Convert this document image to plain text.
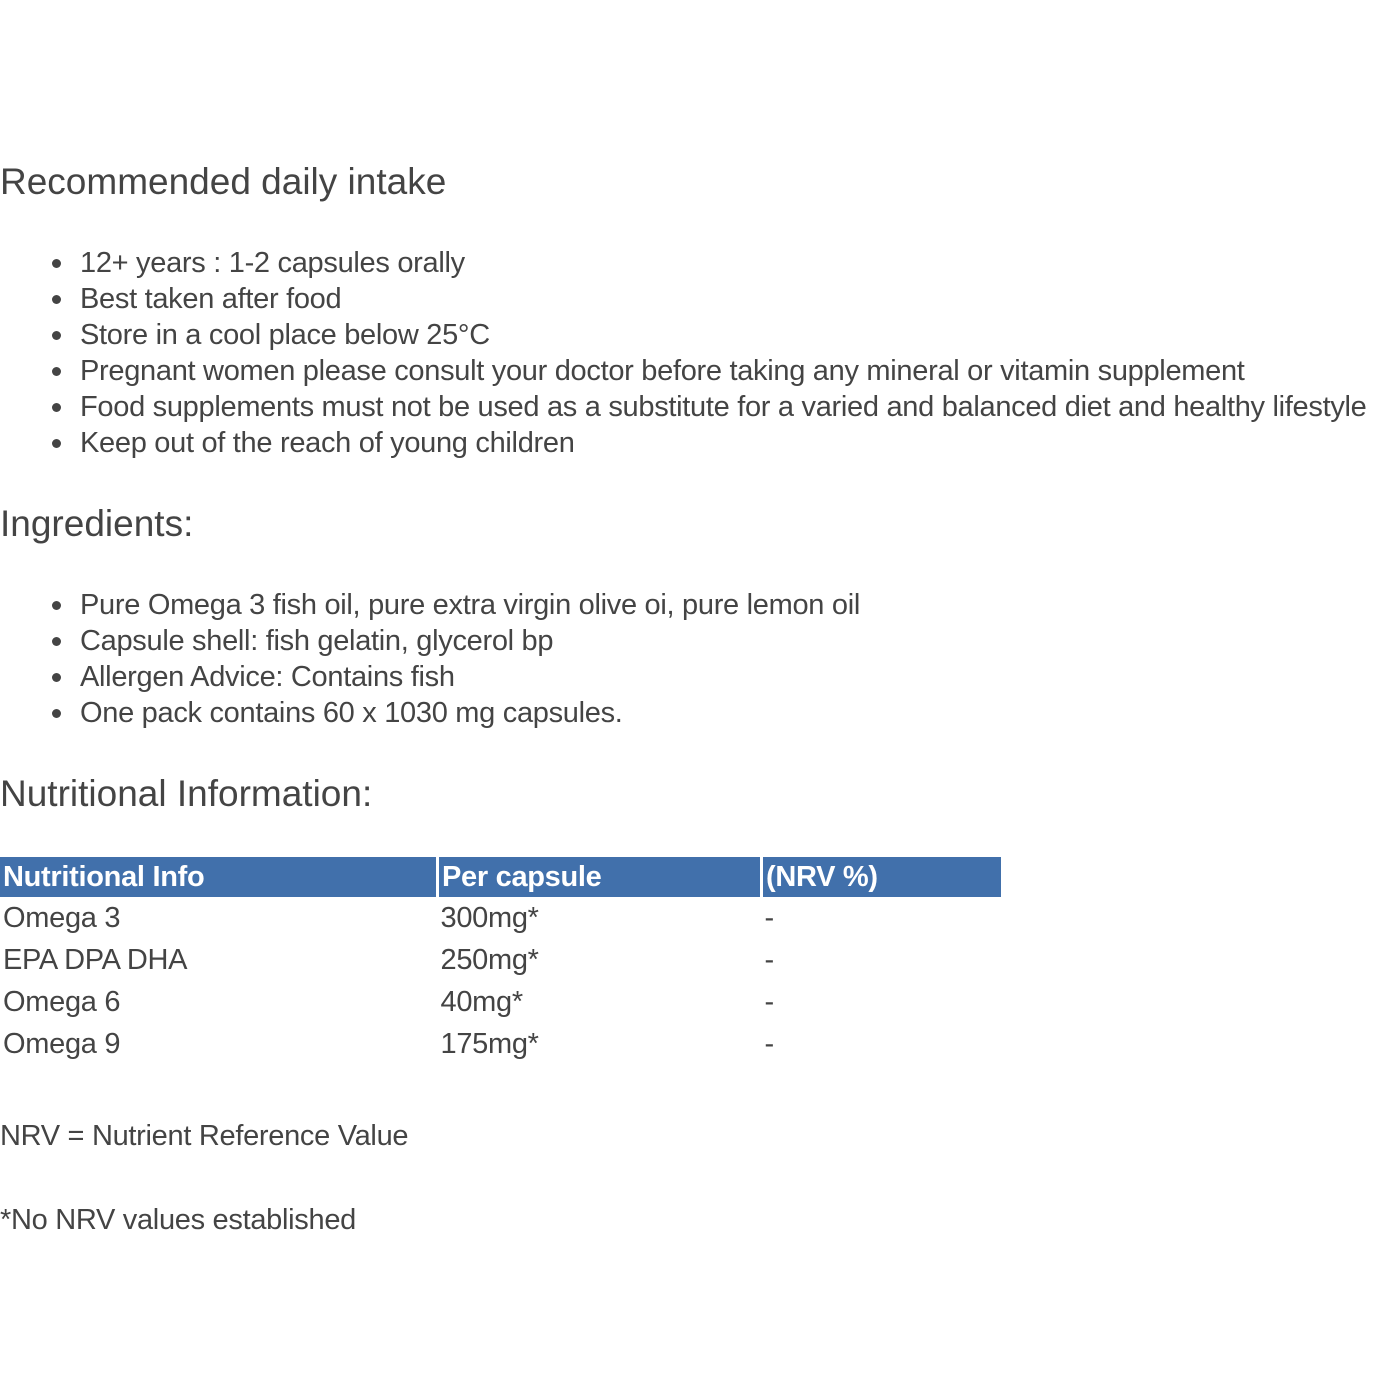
Recommended daily intake
12+ years : 1-2 capsules orally
Best taken after food
Store in a cool place below 25°C
Pregnant women please consult your doctor before taking any mineral or vitamin supplement
Food supplements must not be used as a substitute for a varied and balanced diet and healthy lifestyle
Keep out of the reach of young children
Ingredients:
Pure Omega 3 fish oil, pure extra virgin olive oi, pure lemon oil
Capsule shell: fish gelatin, glycerol bp
Allergen Advice: Contains fish
One pack contains 60 x 1030 mg capsules.
Nutritional Information:
Nutritional Info	Per capsule	(NRV %)
Omega 3	300mg*	-
EPA DPA DHA	250mg*	-
Omega 6	40mg*	-
Omega 9	175mg*	-

NRV = Nutrient Reference Value

*No NRV values established
